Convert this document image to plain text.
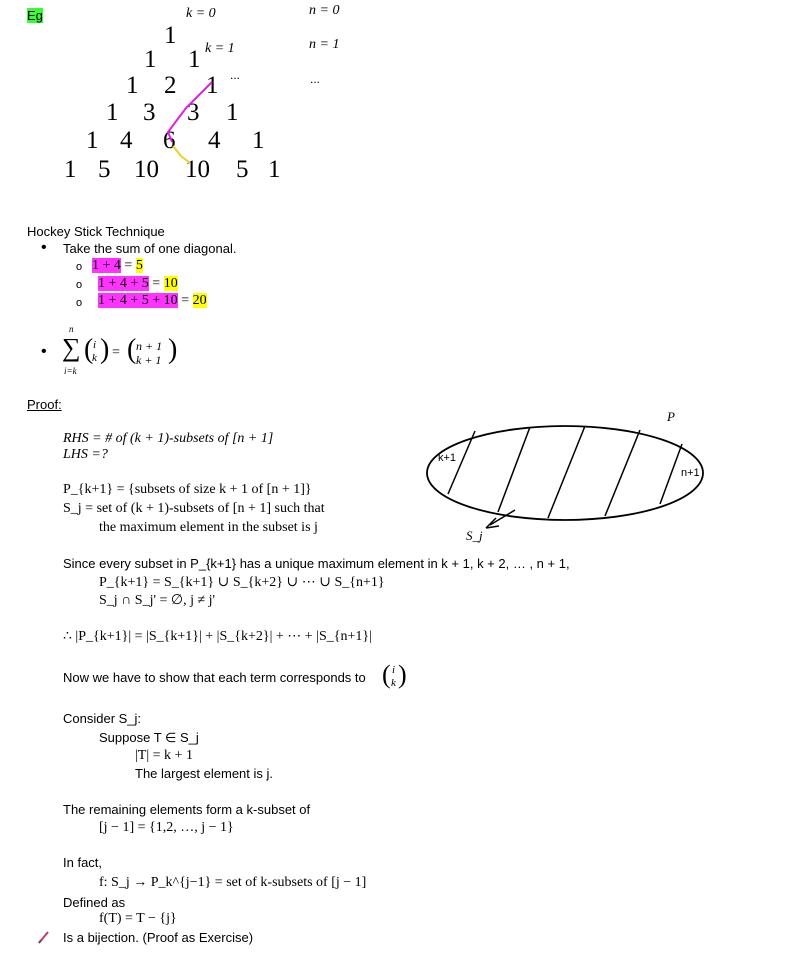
Eg	k = 0
k = 1
...
1
1 1
1 2 1
1 3 3 1
1 4 6 4 1
1 5 10 10 5 1
n = 0
n = 1
...
Hockey Stick Technique
• Take the sum of one diagonal.
o 1 + 4 = 5
o 1 + 4 + 5 = 10
o 1 + 4 + 5 + 10 = 20
•
n
∑
i=k
( i
k ) = ( n + 1
k + 1 )
Proof:
RHS = # of (k + 1)-subsets of [n + 1]
LHS =?
P_{k+1} = {subsets of size k + 1 of [n + 1]}
S_j = set of (k + 1)-subsets of [n + 1] such that
the maximum element in the subset is j
Since every subset in P_{k+1} has a unique maximum element in k + 1, k + 2, … , n + 1,
P_{k+1} = S_{k+1} ∪ S_{k+2} ∪ ⋯ ∪ S_{n+1}
S_j ∩ S_j' = ∅, j ≠ j'
∴ |P_{k+1}| = |S_{k+1}| + |S_{k+2}| + ⋯ + |S_{n+1}|
Now we have to show that each term corresponds to ( i
k )
Consider S_j:
Suppose T ∈ S_j
|T| = k + 1
The largest element is j.
The remaining elements form a k-subset of
[j − 1] = {1,2, …, j − 1}
In fact,
f: S_j → P_k^{j−1} = set of k-subsets of [j − 1]
Defined as
f(T) = T − {j}
Is a bijection. (Proof as Exercise)
P
k+1
n+1
S_j
